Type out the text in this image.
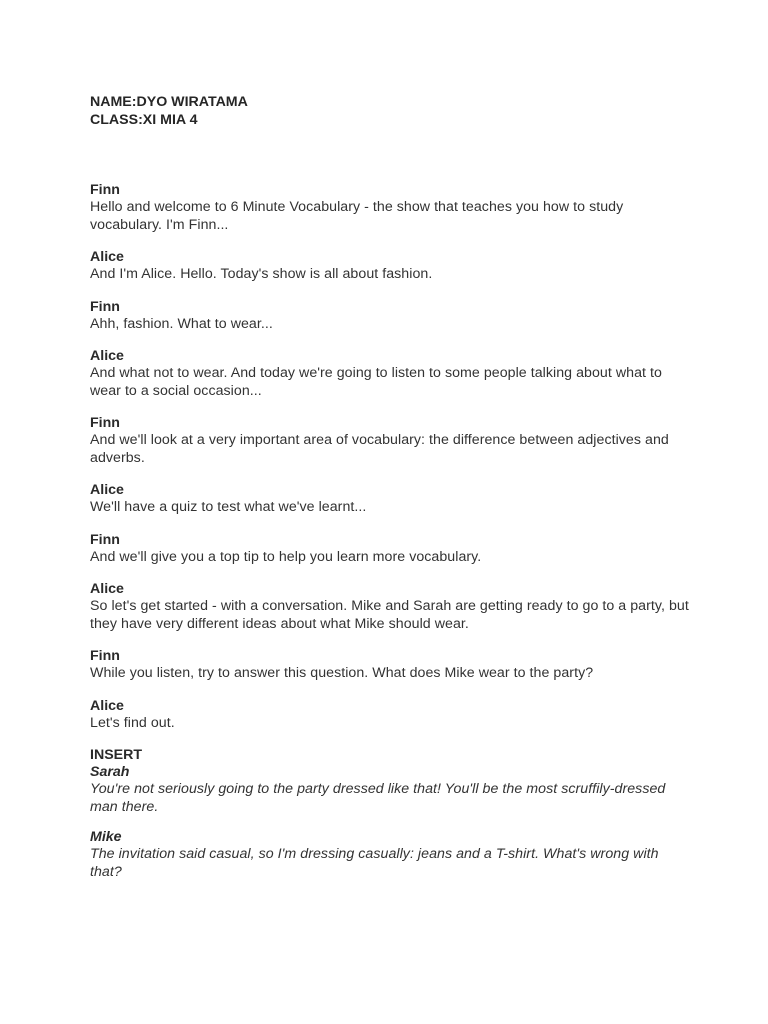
NAME:DYO WIRATAMA
CLASS:XI MIA 4
Finn
Hello and welcome to 6 Minute Vocabulary - the show that teaches you how to study vocabulary. I'm Finn...
Alice
And I'm Alice. Hello. Today's show is all about fashion.
Finn
Ahh, fashion. What to wear...
Alice
And what not to wear. And today we're going to listen to some people talking about what to wear to a social occasion...
Finn
And we'll look at a very important area of vocabulary: the difference between adjectives and adverbs.
Alice
We'll have a quiz to test what we've learnt...
Finn
And we'll give you a top tip to help you learn more vocabulary.
Alice
So let's get started - with a conversation. Mike and Sarah are getting ready to go to a party, but they have very different ideas about what Mike should wear.
Finn
While you listen, try to answer this question. What does Mike wear to the party?
Alice
Let's find out.
INSERT
Sarah
You're not seriously going to the party dressed like that! You'll be the most scruffily-dressed man there.
Mike
The invitation said casual, so I'm dressing casually: jeans and a T-shirt. What's wrong with that?
